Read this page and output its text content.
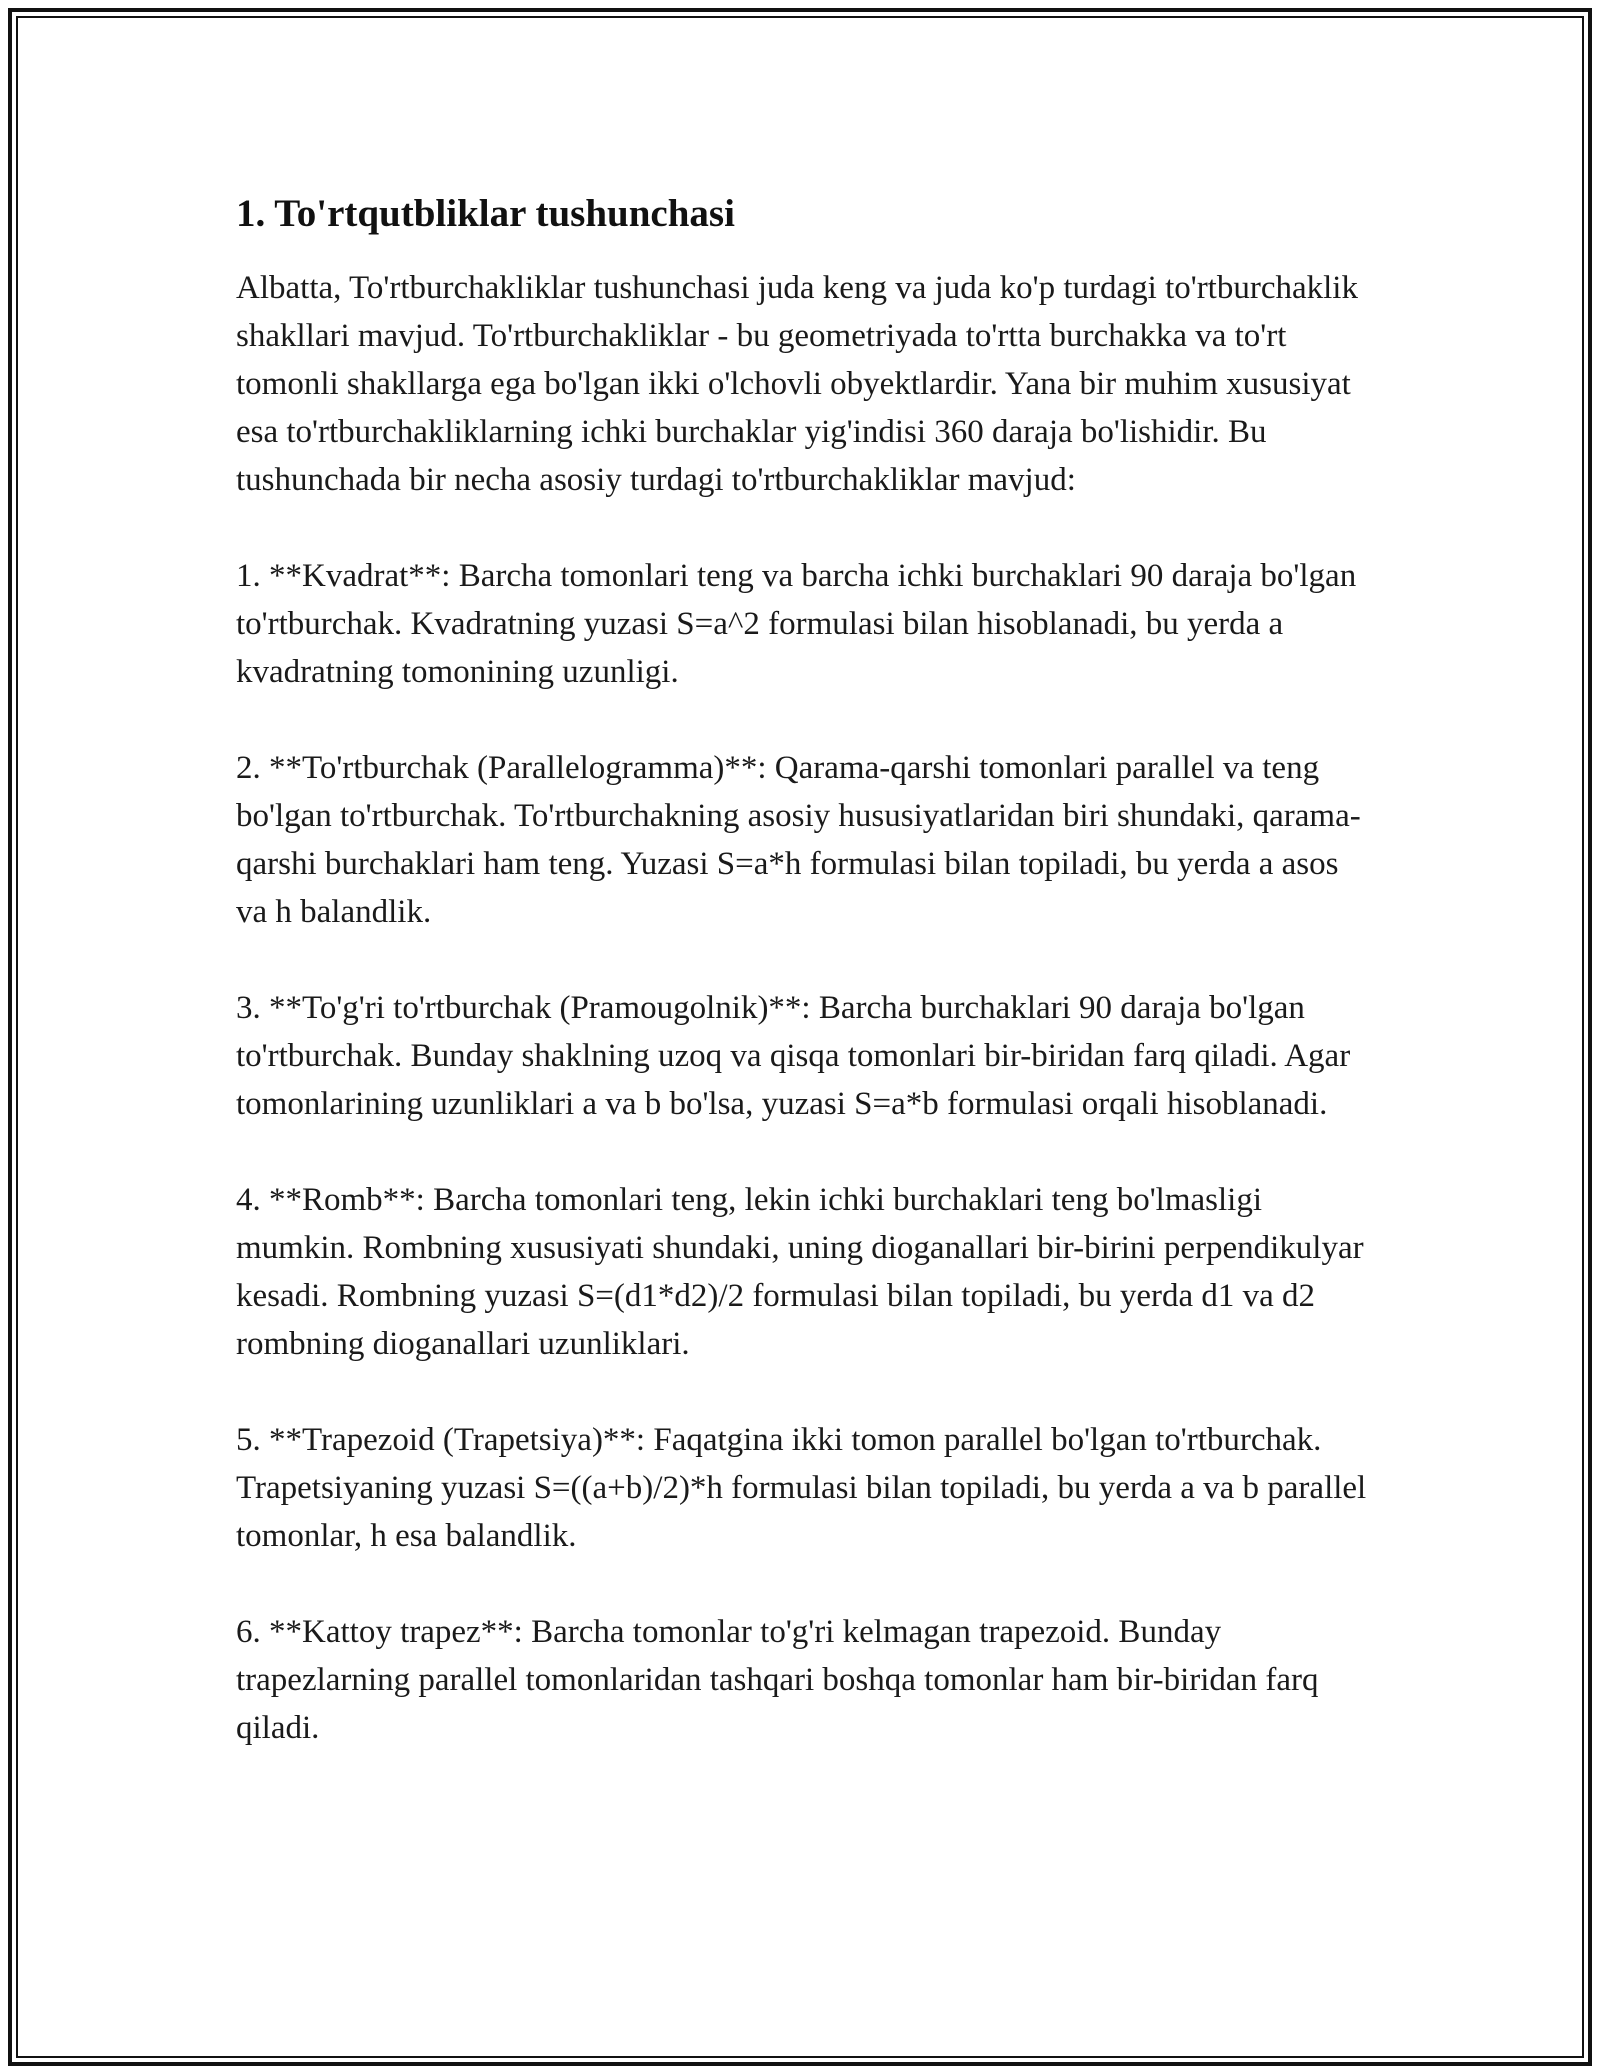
1. To'rtqutbliklar tushunchasi

Albatta, To'rtburchakliklar tushunchasi juda keng va juda ko'p turdagi to'rtburchaklik shakllari mavjud. To'rtburchakliklar - bu geometriyada to'rtta burchakka va to'rt tomonli shakllarga ega bo'lgan ikki o'lchovli obyektlardir. Yana bir muhim xususiyat esa to'rtburchakliklarning ichki burchaklar yig'indisi 360 daraja bo'lishidir. Bu tushunchada bir necha asosiy turdagi to'rtburchakliklar mavjud:

1. **Kvadrat**: Barcha tomonlari teng va barcha ichki burchaklari 90 daraja bo'lgan to'rtburchak. Kvadratning yuzasi S=a^2 formulasi bilan hisoblanadi, bu yerda a kvadratning tomonining uzunligi.

2. **To'rtburchak (Parallelogramma)**: Qarama-qarshi tomonlari parallel va teng bo'lgan to'rtburchak. To'rtburchakning asosiy hususiyatlaridan biri shundaki, qarama-qarshi burchaklari ham teng. Yuzasi S=a*h formulasi bilan topiladi, bu yerda a asos va h balandlik.

3. **To'g'ri to'rtburchak (Pramougolnik)**: Barcha burchaklari 90 daraja bo'lgan to'rtburchak. Bunday shaklning uzoq va qisqa tomonlari bir-biridan farq qiladi. Agar tomonlarining uzunliklari a va b bo'lsa, yuzasi S=a*b formulasi orqali hisoblanadi.

4. **Romb**: Barcha tomonlari teng, lekin ichki burchaklari teng bo'lmasligi mumkin. Rombning xususiyati shundaki, uning dioganallari bir-birini perpendikulyar kesadi. Rombning yuzasi S=(d1*d2)/2 formulasi bilan topiladi, bu yerda d1 va d2 rombning dioganallari uzunliklari.

5. **Trapezoid (Trapetsiya)**: Faqatgina ikki tomon parallel bo'lgan to'rtburchak. Trapetsiyaning yuzasi S=((a+b)/2)*h formulasi bilan topiladi, bu yerda a va b parallel tomonlar, h esa balandlik.

6. **Kattoy trapez**: Barcha tomonlar to'g'ri kelmagan trapezoid. Bunday trapezlarning parallel tomonlaridan tashqari boshqa tomonlar ham bir-biridan farq qiladi.
